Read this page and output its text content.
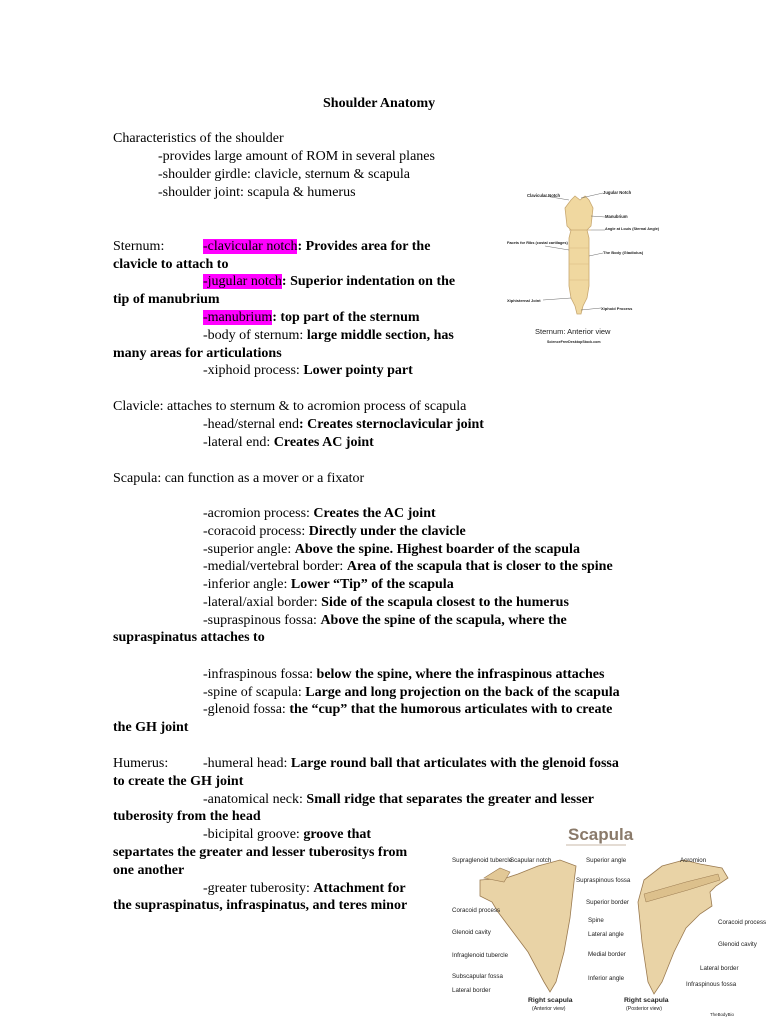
Shoulder Anatomy
Characteristics of the shoulder
-provides large amount of ROM in several planes
-shoulder girdle: clavicle, sternum & scapula
-shoulder joint: scapula & humerus
Sternum:	-clavicular notch: Provides area for the
clavicle to attach to
-jugular notch: Superior indentation on the
tip of manubrium
-manubrium: top part of the sternum
-body of sternum: large middle section, has
many areas for articulations
-xiphoid process: Lower pointy part
Clavicle: attaches to sternum & to acromion process of scapula
-head/sternal end: Creates sternoclavicular joint
-lateral end: Creates AC joint
Scapula: can function as a mover or a fixator
-acromion process: Creates the AC joint
-coracoid process: Directly under the clavicle
-superior angle: Above the spine. Highest boarder of the scapula
-medial/vertebral border: Area of the scapula that is closer to the spine
-inferior angle: Lower “Tip” of the scapula
-lateral/axial border: Side of the scapula closest to the humerus
-supraspinous fossa: Above the spine of the scapula, where the
supraspinatus attaches to
-infraspinous fossa: below the spine, where the infraspinous attaches
-spine of scapula: Large and long projection on the back of the scapula
-glenoid fossa: the “cup” that the humorous articulates with to create
the GH joint
Humerus: -humeral head: Large round ball that articulates with the glenoid fossa
to create the GH joint
-anatomical neck: Small ridge that separates the greater and lesser
tuberosity from the head
-bicipital groove: groove that
separtates the greater and lesser tuberositys from
one another
-greater tuberosity: Attachment for
the supraspinatus, infraspinatus, and teres minor
Clavicular Notch
Jugular Notch
Manubrium
Angle at Louis (Sternal Angle)
Facets for Ribs (costal cartilages)
The Body (Gladiolus)
Xiphisternal Joint
Xiphoid Process
Sternum: Anterior view
ScienceFreeDesktopStock.com
Scapula
Supraglenoid tubercle
Coracoid process
Glenoid cavity
Infraglenoid tubercle
Subscapular fossa
Lateral border
Scapular notch	Superior angle
Supraspinous fossa
Superior border
Spine
Lateral angle
Medial border
Inferior angle
Acromion
Coracoid process
Glenoid cavity
Lateral border
Infraspinous fossa
Right scapula
(Anterior view)
Right scapula
(Posterior view)
TheBodyBio
